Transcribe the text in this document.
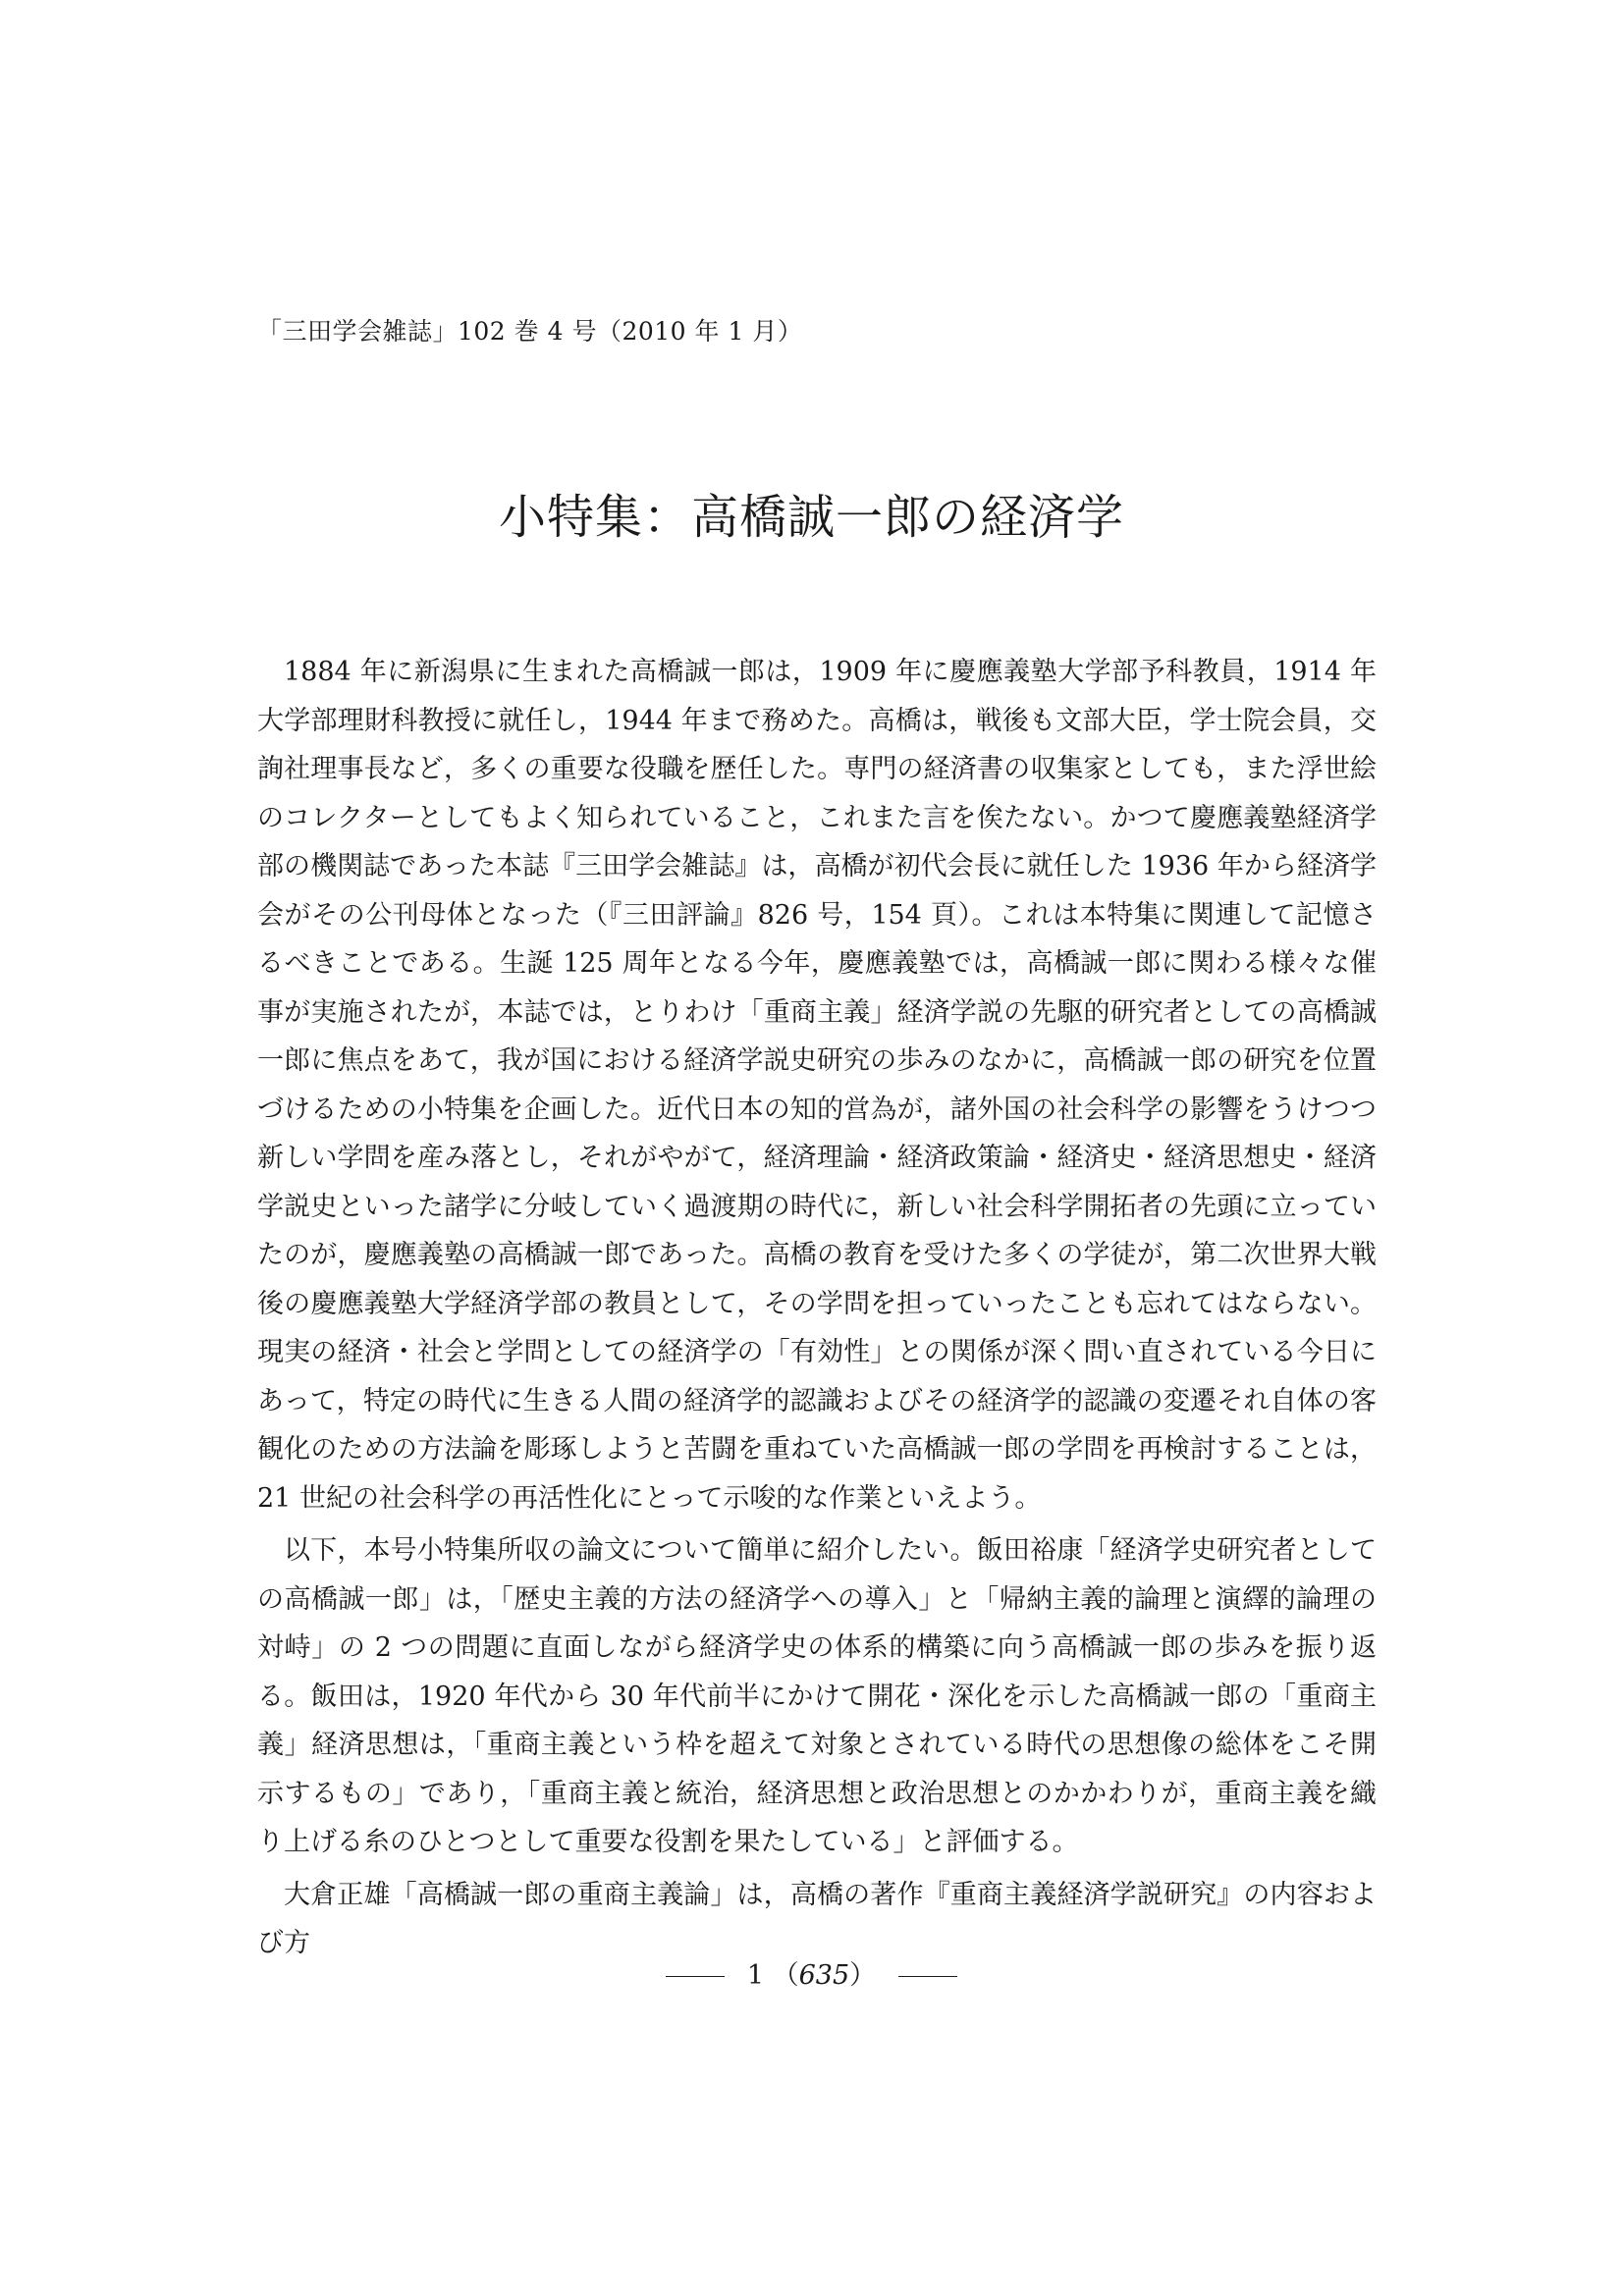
「三田学会雑誌」102 巻 4 号（2010 年 1 月）
小特集：高橋誠一郎の経済学

1884 年に新潟県に生まれた高橋誠一郎は，1909 年に慶應義塾大学部予科教員，1914 年大学部理財科教授に就任し，1944 年まで務めた。高橋は，戦後も文部大臣，学士院会員，交詢社理事長など，多くの重要な役職を歴任した。専門の経済書の収集家としても，また浮世絵のコレクターとしてもよく知られていること，これまた言を俟たない。かつて慶應義塾経済学部の機関誌であった本誌『三田学会雑誌』は，高橋が初代会長に就任した 1936 年から経済学会がその公刊母体となった（『三田評論』826 号，154 頁）。これは本特集に関連して記憶さるべきことである。生誕 125 周年となる今年，慶應義塾では，高橋誠一郎に関わる様々な催事が実施されたが，本誌では，とりわけ「重商主義」経済学説の先駆的研究者としての高橋誠一郎に焦点をあて，我が国における経済学説史研究の歩みのなかに，高橋誠一郎の研究を位置づけるための小特集を企画した。近代日本の知的営為が，諸外国の社会科学の影響をうけつつ新しい学問を産み落とし，それがやがて，経済理論・経済政策論・経済史・経済思想史・経済学説史といった諸学に分岐していく過渡期の時代に，新しい社会科学開拓者の先頭に立っていたのが，慶應義塾の高橋誠一郎であった。高橋の教育を受けた多くの学徒が，第二次世界大戦後の慶應義塾大学経済学部の教員として，その学問を担っていったことも忘れてはならない。現実の経済・社会と学問としての経済学の「有効性」との関係が深く問い直されている今日にあって，特定の時代に生きる人間の経済学的認識およびその経済学的認識の変遷それ自体の客観化のための方法論を彫琢しようと苦闘を重ねていた高橋誠一郎の学問を再検討することは，21 世紀の社会科学の再活性化にとって示唆的な作業といえよう。

以下，本号小特集所収の論文について簡単に紹介したい。飯田裕康「経済学史研究者としての高橋誠一郎」は，「歴史主義的方法の経済学への導入」と「帰納主義的論理と演繹的論理の対峙」の 2 つの問題に直面しながら経済学史の体系的構築に向う高橋誠一郎の歩みを振り返る。飯田は，1920 年代から 30 年代前半にかけて開花・深化を示した高橋誠一郎の「重商主義」経済思想は，「重商主義という枠を超えて対象とされている時代の思想像の総体をこそ開示するもの」であり，「重商主義と統治，経済思想と政治思想とのかかわりが，重商主義を織り上げる糸のひとつとして重要な役割を果たしている」と評価する。

大倉正雄「高橋誠一郎の重商主義論」は，高橋の著作『重商主義経済学説研究』の内容および方

1 （635）
